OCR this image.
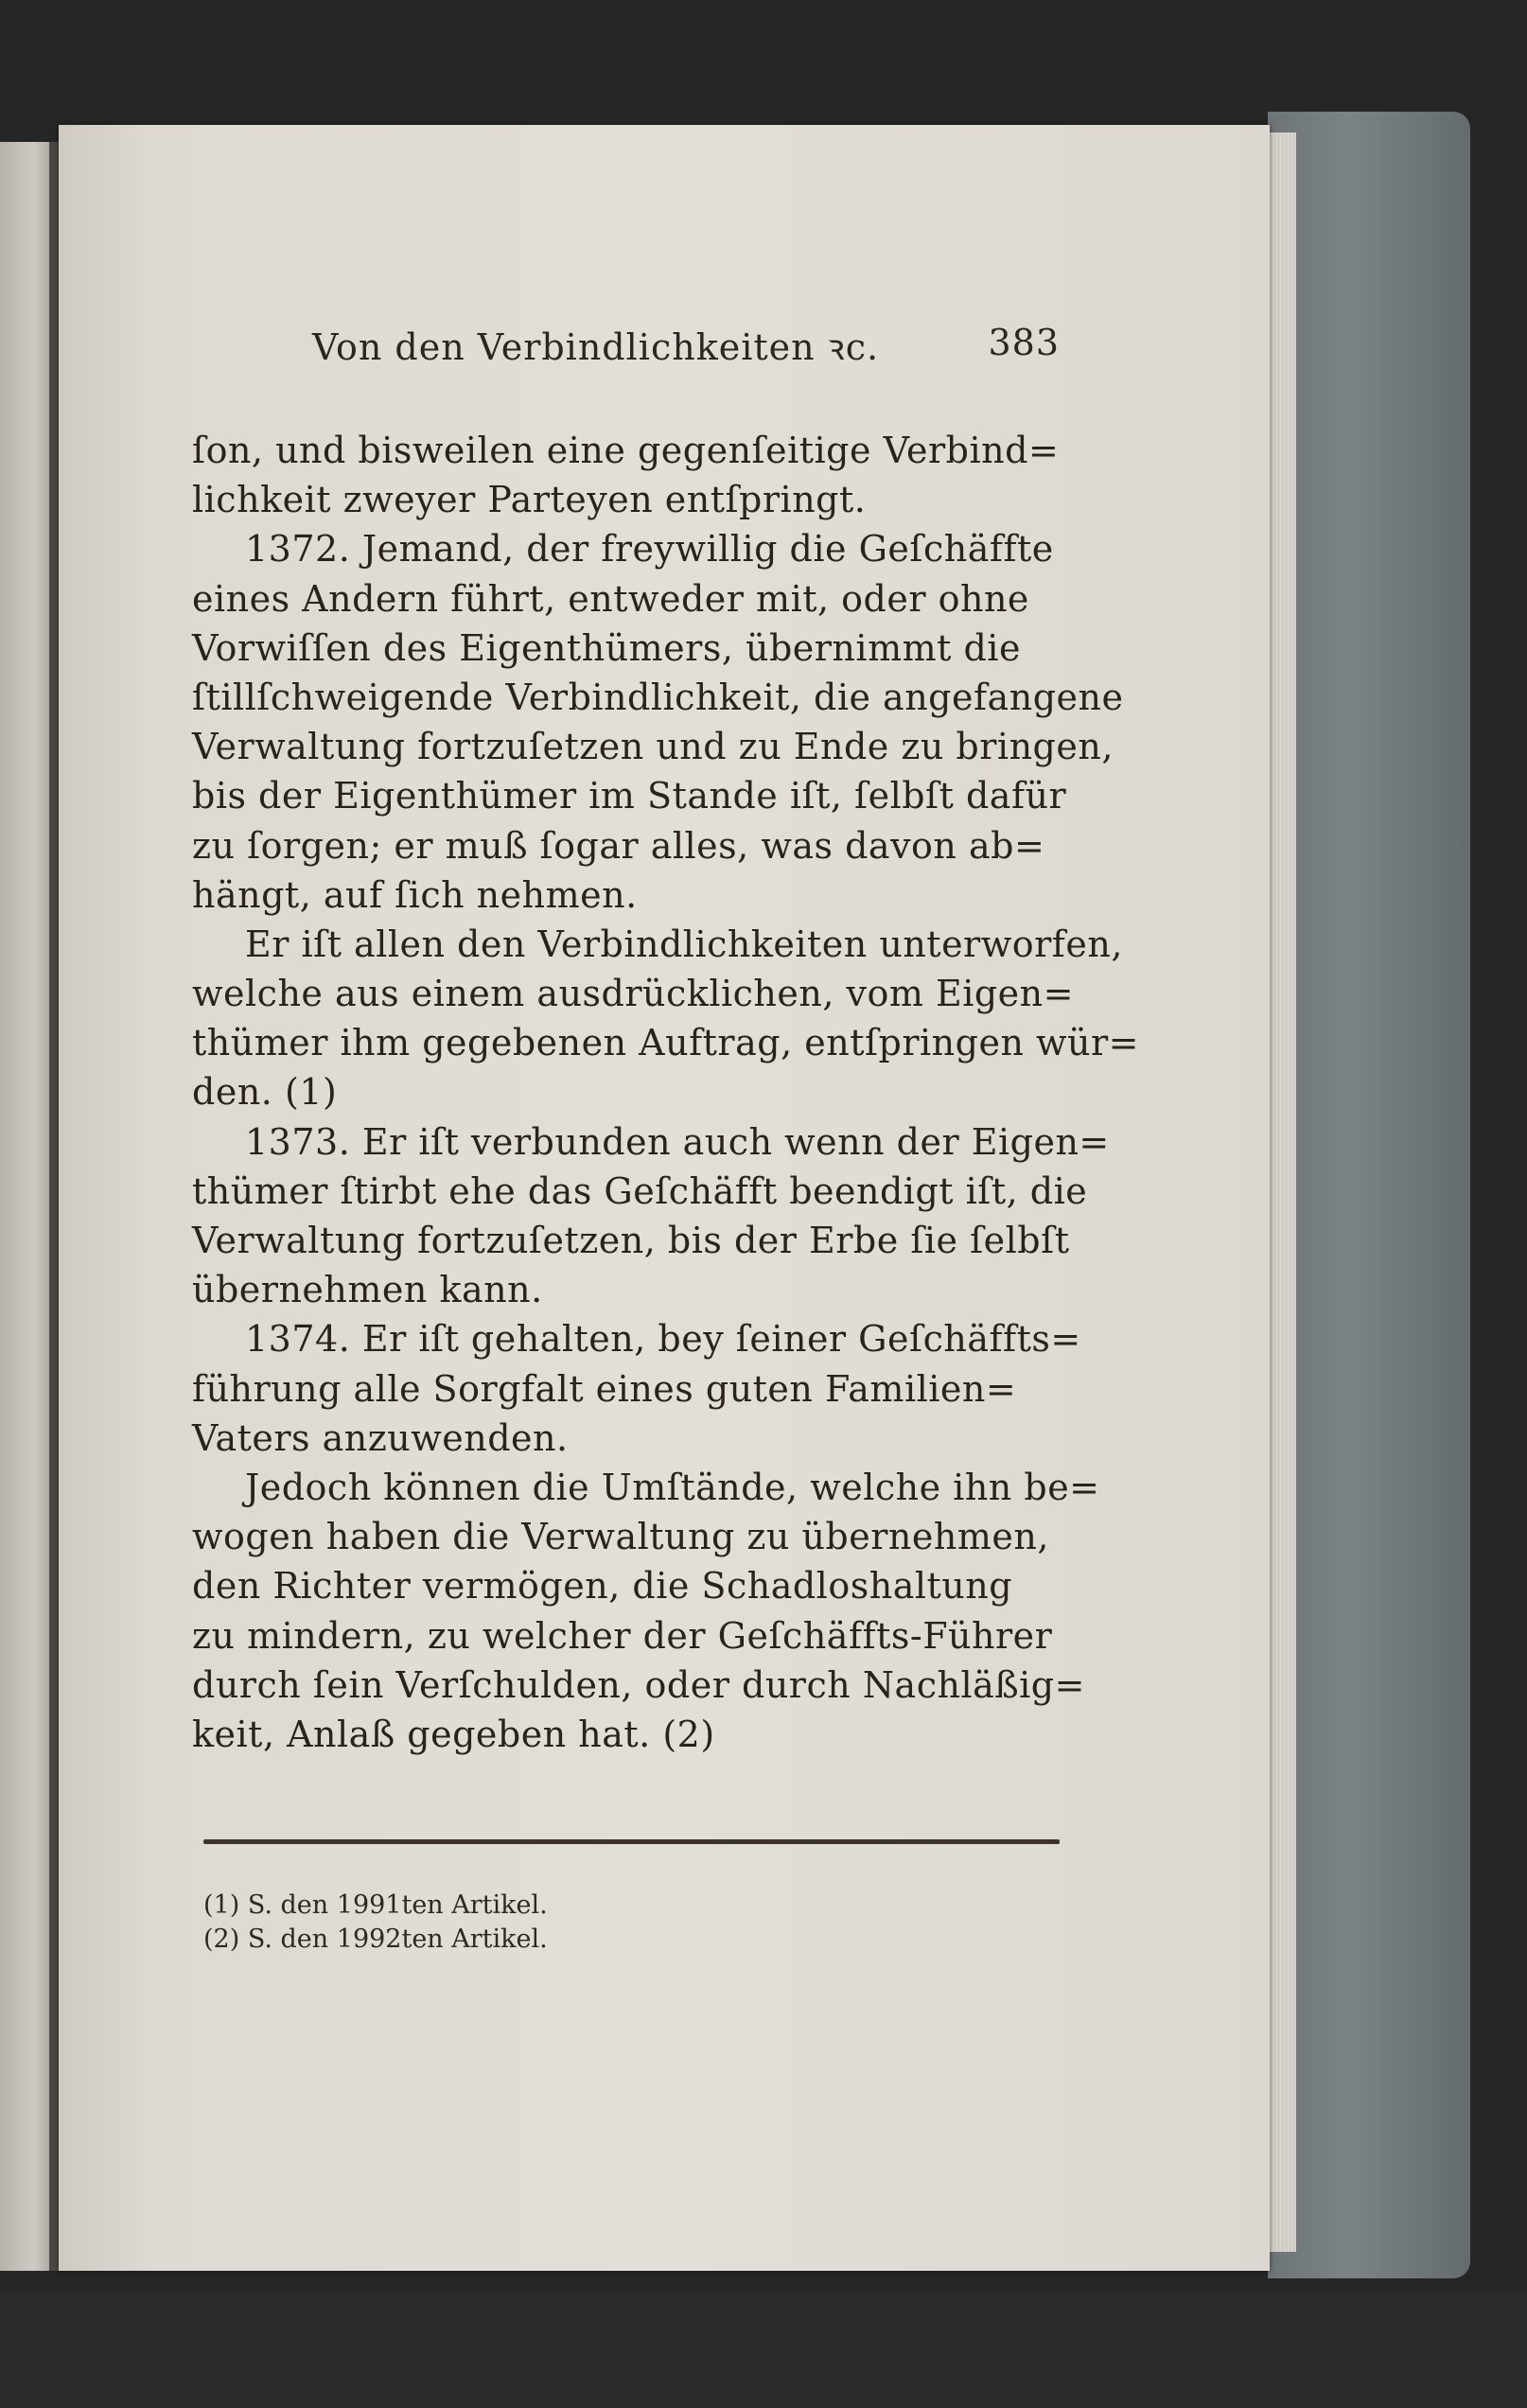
Von den Verbindlichkeiten ꝛc.	383
ſon, und bisweilen eine gegenſeitige Verbind=
lichkeit zweyer Parteyen entſpringt.
1372. Jemand, der freywillig die Geſchäffte
eines Andern führt, entweder mit, oder ohne
Vorwiſſen des Eigenthümers, übernimmt die
ſtillſchweigende Verbindlichkeit, die angefangene
Verwaltung fortzuſetzen und zu Ende zu bringen,
bis der Eigenthümer im Stande iſt, ſelbſt dafür
zu ſorgen; er muß ſogar alles, was davon ab=
hängt, auf ſich nehmen.
Er iſt allen den Verbindlichkeiten unterworfen,
welche aus einem ausdrücklichen, vom Eigen=
thümer ihm gegebenen Auftrag, entſpringen wür=
den. (1)
1373. Er iſt verbunden auch wenn der Eigen=
thümer ſtirbt ehe das Geſchäfft beendigt iſt, die
Verwaltung fortzuſetzen, bis der Erbe ſie ſelbſt
übernehmen kann.
1374. Er iſt gehalten, bey ſeiner Geſchäffts=
führung alle Sorgfalt eines guten Familien=
Vaters anzuwenden.
Jedoch können die Umſtände, welche ihn be=
wogen haben die Verwaltung zu übernehmen,
den Richter vermögen, die Schadloshaltung
zu mindern, zu welcher der Geſchäffts-Führer
durch ſein Verſchulden, oder durch Nachläßig=
keit, Anlaß gegeben hat. (2)
(1) S. den 1991ten Artikel.
(2) S. den 1992ten Artikel.
